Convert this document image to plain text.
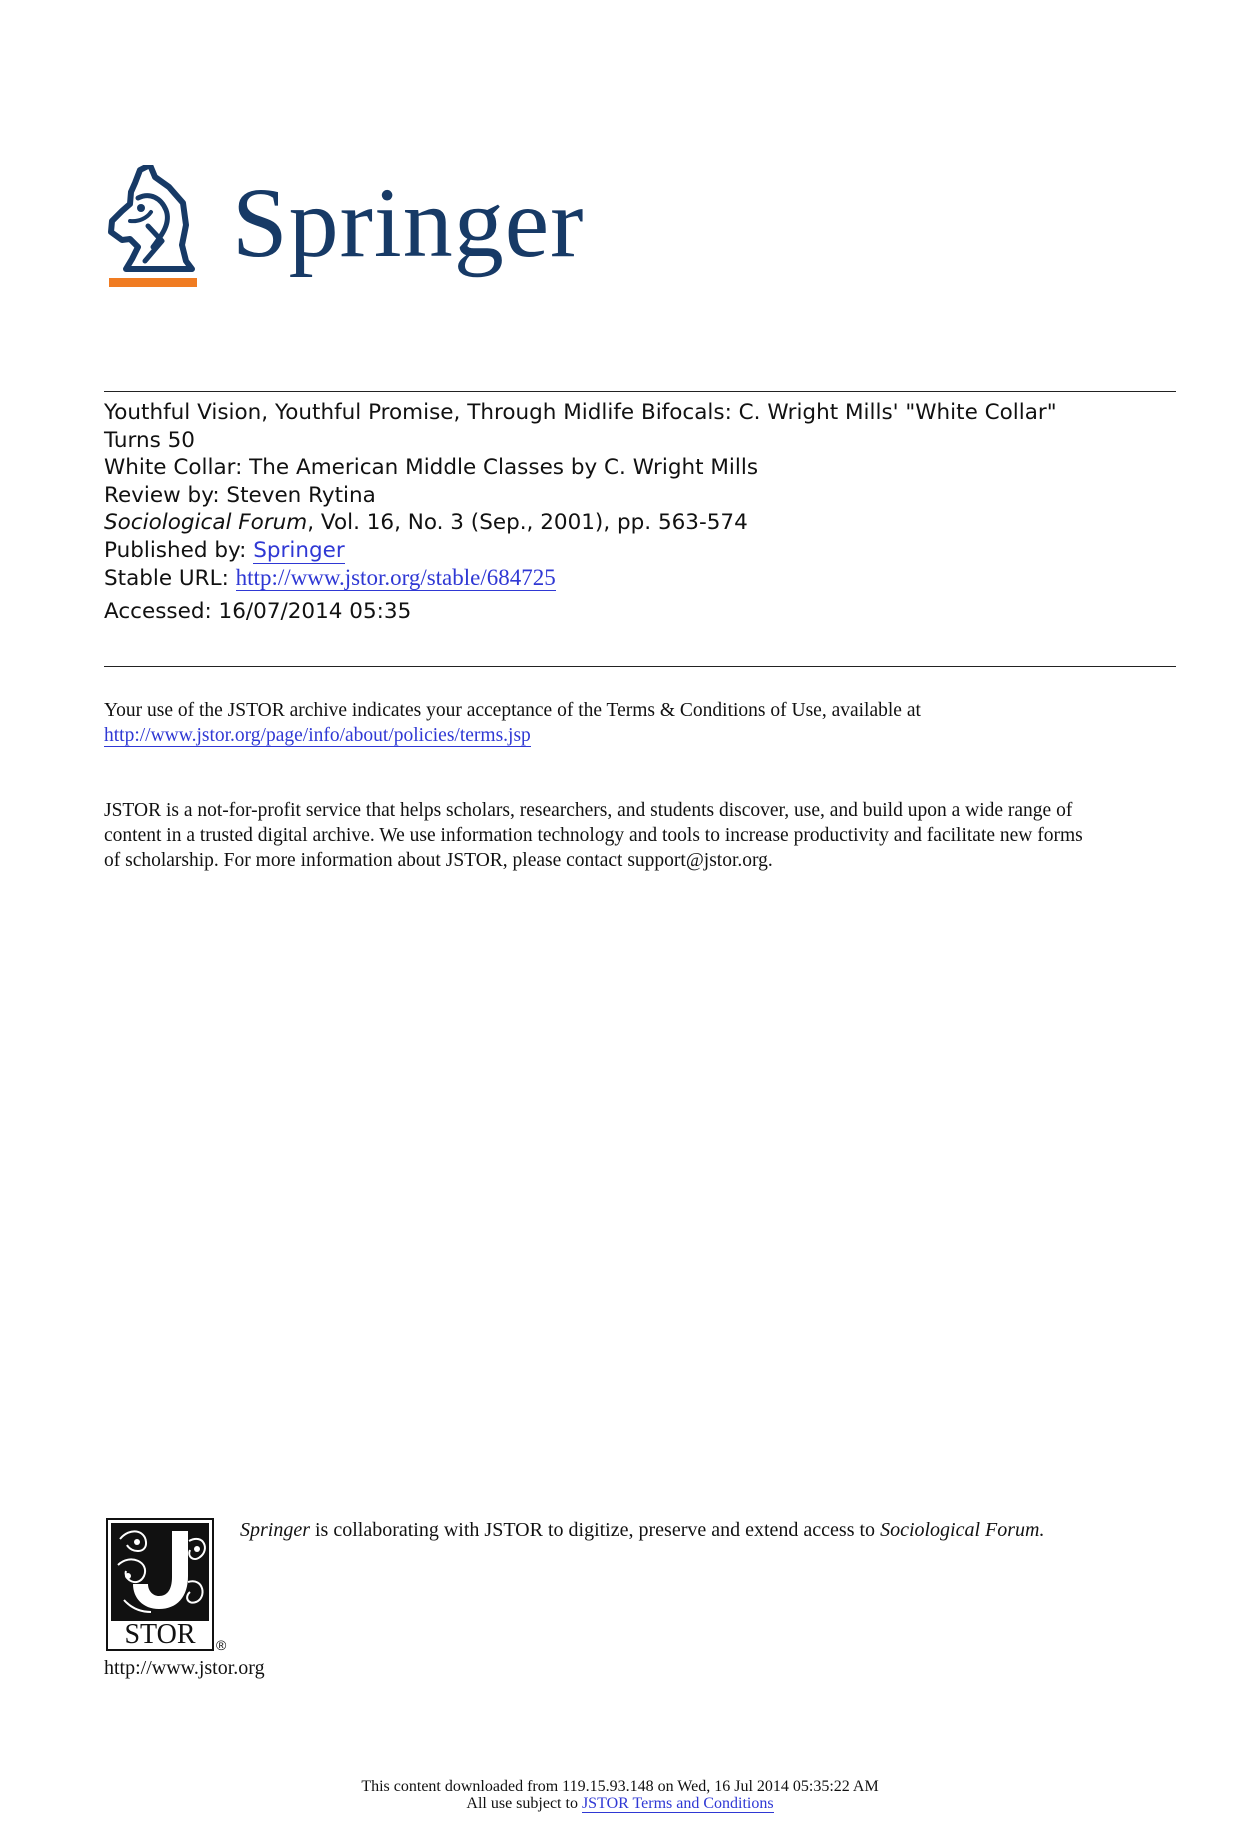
Springer
Youthful Vision, Youthful Promise, Through Midlife Bifocals: C. Wright Mills' "White Collar"
Turns 50
White Collar: The American Middle Classes by C. Wright Mills
Review by: Steven Rytina
Sociological Forum, Vol. 16, No. 3 (Sep., 2001), pp. 563-574
Published by: Springer
Stable URL: http://www.jstor.org/stable/684725
Accessed: 16/07/2014 05:35
Your use of the JSTOR archive indicates your acceptance of the Terms & Conditions of Use, available at
http://www.jstor.org/page/info/about/policies/terms.jsp
JSTOR is a not-for-profit service that helps scholars, researchers, and students discover, use, and build upon a wide range of
content in a trusted digital archive. We use information technology and tools to increase productivity and facilitate new forms
of scholarship. For more information about JSTOR, please contact support@jstor.org.
STOR ®
Springer is collaborating with JSTOR to digitize, preserve and extend access to Sociological Forum.
http://www.jstor.org
This content downloaded from 119.15.93.148 on Wed, 16 Jul 2014 05:35:22 AM
All use subject to JSTOR Terms and Conditions
